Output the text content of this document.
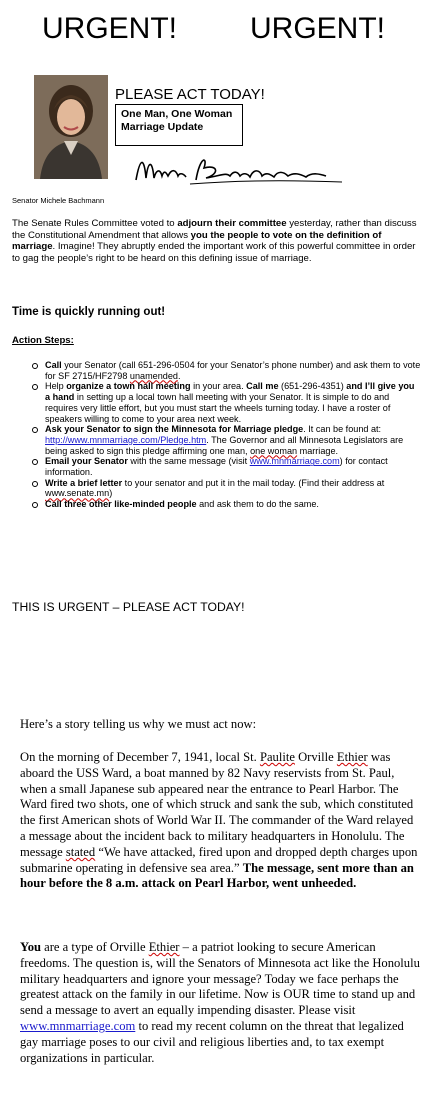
URGENT! URGENT!
PLEASE ACT TODAY!
One Man, One Woman
Marriage Update
Senator Michele Bachmann
The Senate Rules Committee voted to adjourn their committee yesterday, rather than discuss the Constitutional Amendment that allows you the people to vote on the definition of marriage. Imagine! They abruptly ended the important work of this powerful committee in order to gag the people’s right to be heard on this defining issue of marriage.
Time is quickly running out!
Action Steps:
Call your Senator (call 651-296-0504 for your Senator’s phone number) and ask them to vote for SF 2715/HF2798 unamended.
Help organize a town hall meeting in your area. Call me (651-296-4351) and I’ll give you a hand in setting up a local town hall meeting with your Senator. It is simple to do and requires very little effort, but you must start the wheels turning today. I have a roster of speakers willing to come to your area next week.
Ask your Senator to sign the Minnesota for Marriage pledge. It can be found at: http://www.mnmarriage.com/Pledge.htm. The Governor and all Minnesota Legislators are being asked to sign this pledge affirming one man, one woman marriage.
Email your Senator with the same message (visit www.mnmarriage.com) for contact information.
Write a brief letter to your senator and put it in the mail today. (Find their address at www.senate.mn)
Call three other like-minded people and ask them to do the same.
THIS IS URGENT – PLEASE ACT TODAY!
Here’s a story telling us why we must act now:
On the morning of December 7, 1941, local St. Paulite Orville Ethier was aboard the USS Ward, a boat manned by 82 Navy reservists from St. Paul, when a small Japanese sub appeared near the entrance to Pearl Harbor. The Ward fired two shots, one of which struck and sank the sub, which constituted the first American shots of World War II. The commander of the Ward relayed a message about the incident back to military headquarters in Honolulu. The message stated “We have attacked, fired upon and dropped depth charges upon submarine operating in defensive sea area.” The message, sent more than an hour before the 8 a.m. attack on Pearl Harbor, went unheeded.
You are a type of Orville Ethier – a patriot looking to secure American freedoms. The question is, will the Senators of Minnesota act like the Honolulu military headquarters and ignore your message? Today we face perhaps the greatest attack on the family in our lifetime. Now is OUR time to stand up and send a message to avert an equally impending disaster. Please visit www.mnmarriage.com to read my recent column on the threat that legalized gay marriage poses to our civil and religious liberties and, to tax exempt organizations in particular.
